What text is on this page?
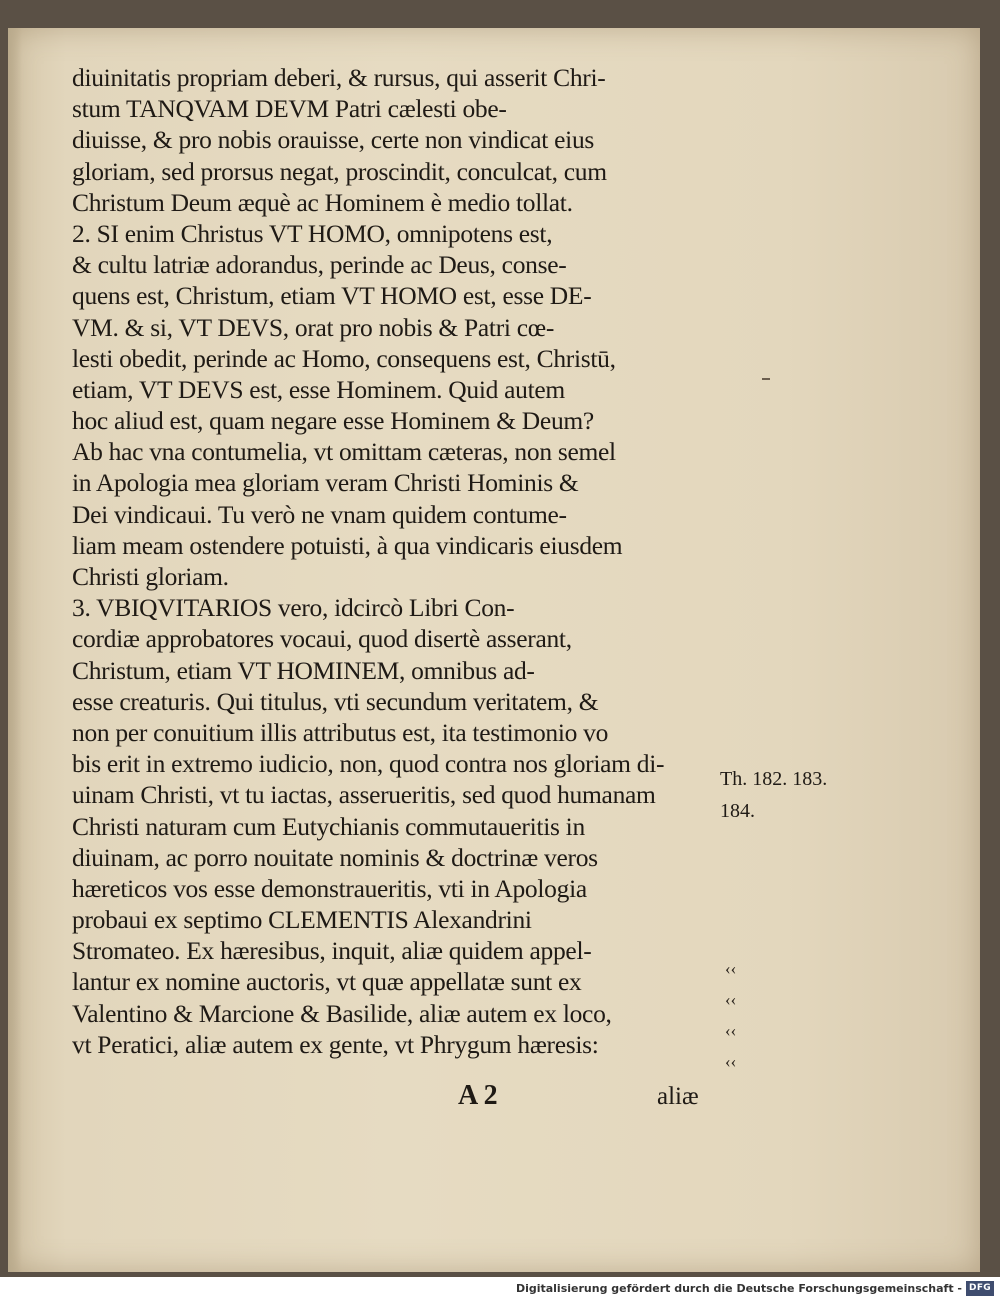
diuinitatis propriam deberi, & rursus, qui asserit Chri-
stum TANQVAM DEVM Patri cælesti obe-
diuisse, & pro nobis orauisse, certe non vindicat eius
gloriam, sed prorsus negat, proscindit, conculcat, cum
Christum Deum æquè ac Hominem è medio tollat.
2. SI enim Christus VT HOMO, omnipotens est,
& cultu latriæ adorandus, perinde ac Deus, conse-
quens est, Christum, etiam VT HOMO est, esse DE-
VM. & si, VT DEVS, orat pro nobis & Patri cœ-
lesti obedit, perinde ac Homo, consequens est, Christū,
etiam, VT DEVS est, esse Hominem. Quid autem
hoc aliud est, quam negare esse Hominem & Deum?
Ab hac vna contumelia, vt omittam cæteras, non semel
in Apologia mea gloriam veram Christi Hominis &
Dei vindicaui. Tu verò ne vnam quidem contume-
liam meam ostendere potuisti, à qua vindicaris eiusdem
Christi gloriam.
3. VBIQVITARIOS vero, idcircò Libri Con-
cordiæ approbatores vocaui, quod disertè asserant,
Christum, etiam VT HOMINEM, omnibus ad-
esse creaturis. Qui titulus, vti secundum veritatem, &
non per conuitium illis attributus est, ita testimonio vo
bis erit in extremo iudicio, non, quod contra nos gloriam di-
uinam Christi, vt tu iactas, asserueritis, sed quod humanam
Christi naturam cum Eutychianis commutaueritis in
diuinam, ac porro nouitate nominis & doctrinæ veros
hæreticos vos esse demonstraueritis, vti in Apologia
probaui ex septimo CLEMENTIS Alexandrini
Stromateo. Ex hæresibus, inquit, aliæ quidem appel-
lantur ex nomine auctoris, vt quæ appellatæ sunt ex
Valentino & Marcione & Basilide, aliæ autem ex loco,
vt Peratici, aliæ autem ex gente, vt Phrygum hæresis:
Th. 182. 183.
184.
‹‹
‹‹
‹‹
‹‹
A 2	aliæ
Digitalisierung gefördert durch die Deutsche Forschungsgemeinschaft - DFG
